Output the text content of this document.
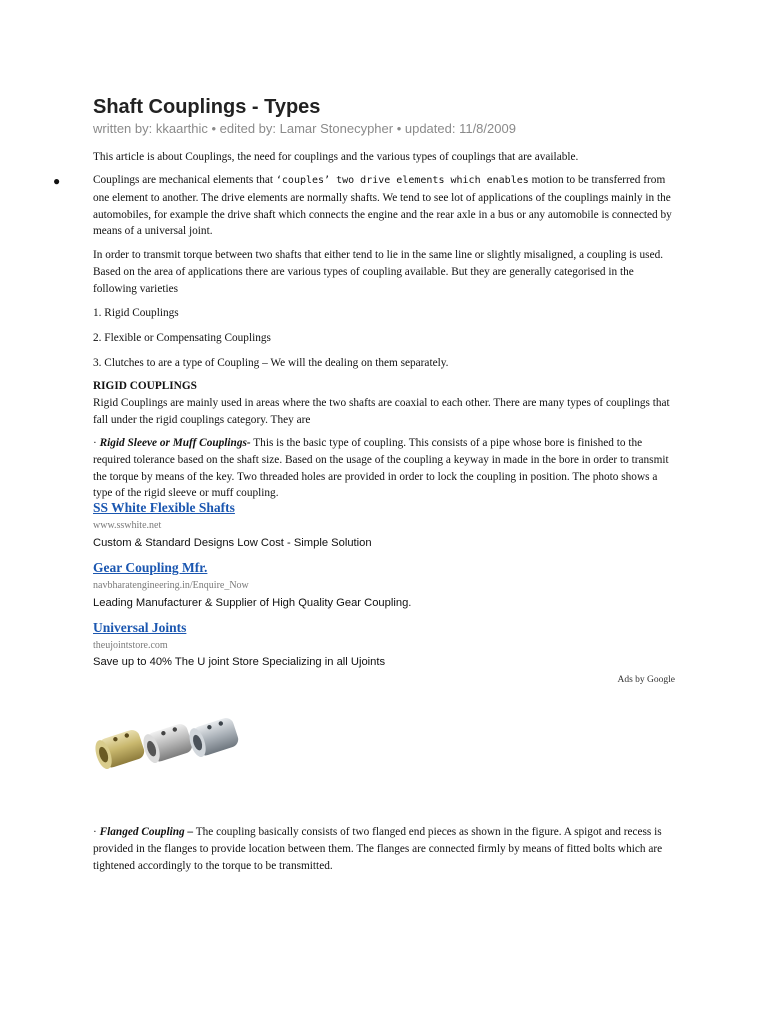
Shaft Couplings - Types
written by: kkaarthic • edited by: Lamar Stonecypher • updated: 11/8/2009

This article is about Couplings, the need for couplings and the various types of couplings that are available.

●	Couplings are mechanical elements that ‘couples’ two drive elements which enables motion to be transferred from one element to another. The drive elements are normally shafts. We tend to see lot of applications of the couplings mainly in the automobiles, for example the drive shaft which connects the engine and the rear axle in a bus or any automobile is connected by means of a universal joint.

In order to transmit torque between two shafts that either tend to lie in the same line or slightly misaligned, a coupling is used. Based on the area of applications there are various types of coupling available. But they are generally categorised in the following varieties

1. Rigid Couplings
2. Flexible or Compensating Couplings
3. Clutches to are a type of Coupling – We will the dealing on them separately.
RIGID COUPLINGS
Rigid Couplings are mainly used in areas where the two shafts are coaxial to each other. There are many types of couplings that fall under the rigid couplings category. They are

· Rigid Sleeve or Muff Couplings- This is the basic type of coupling. This consists of a pipe whose bore is finished to the required tolerance based on the shaft size. Based on the usage of the coupling a keyway in made in the bore in order to transmit the torque by means of the key. Two threaded holes are provided in order to lock the coupling in position. The photo shows a type of the rigid sleeve or muff coupling.

SS White Flexible Shafts
www.sswhite.net
Custom & Standard Designs Low Cost - Simple Solution
Gear Coupling Mfr.
navbharatengineering.in/Enquire_Now
Leading Manufacturer & Supplier of High Quality Gear Coupling.
Universal Joints
theujointstore.com
Save up to 40% The U joint Store Specializing in all Ujoints
Ads by Google

· Flanged Coupling – The coupling basically consists of two flanged end pieces as shown in the figure. A spigot and recess is provided in the flanges to provide location between them. The flanges are connected firmly by means of fitted bolts which are tightened accordingly to the torque to be transmitted.
